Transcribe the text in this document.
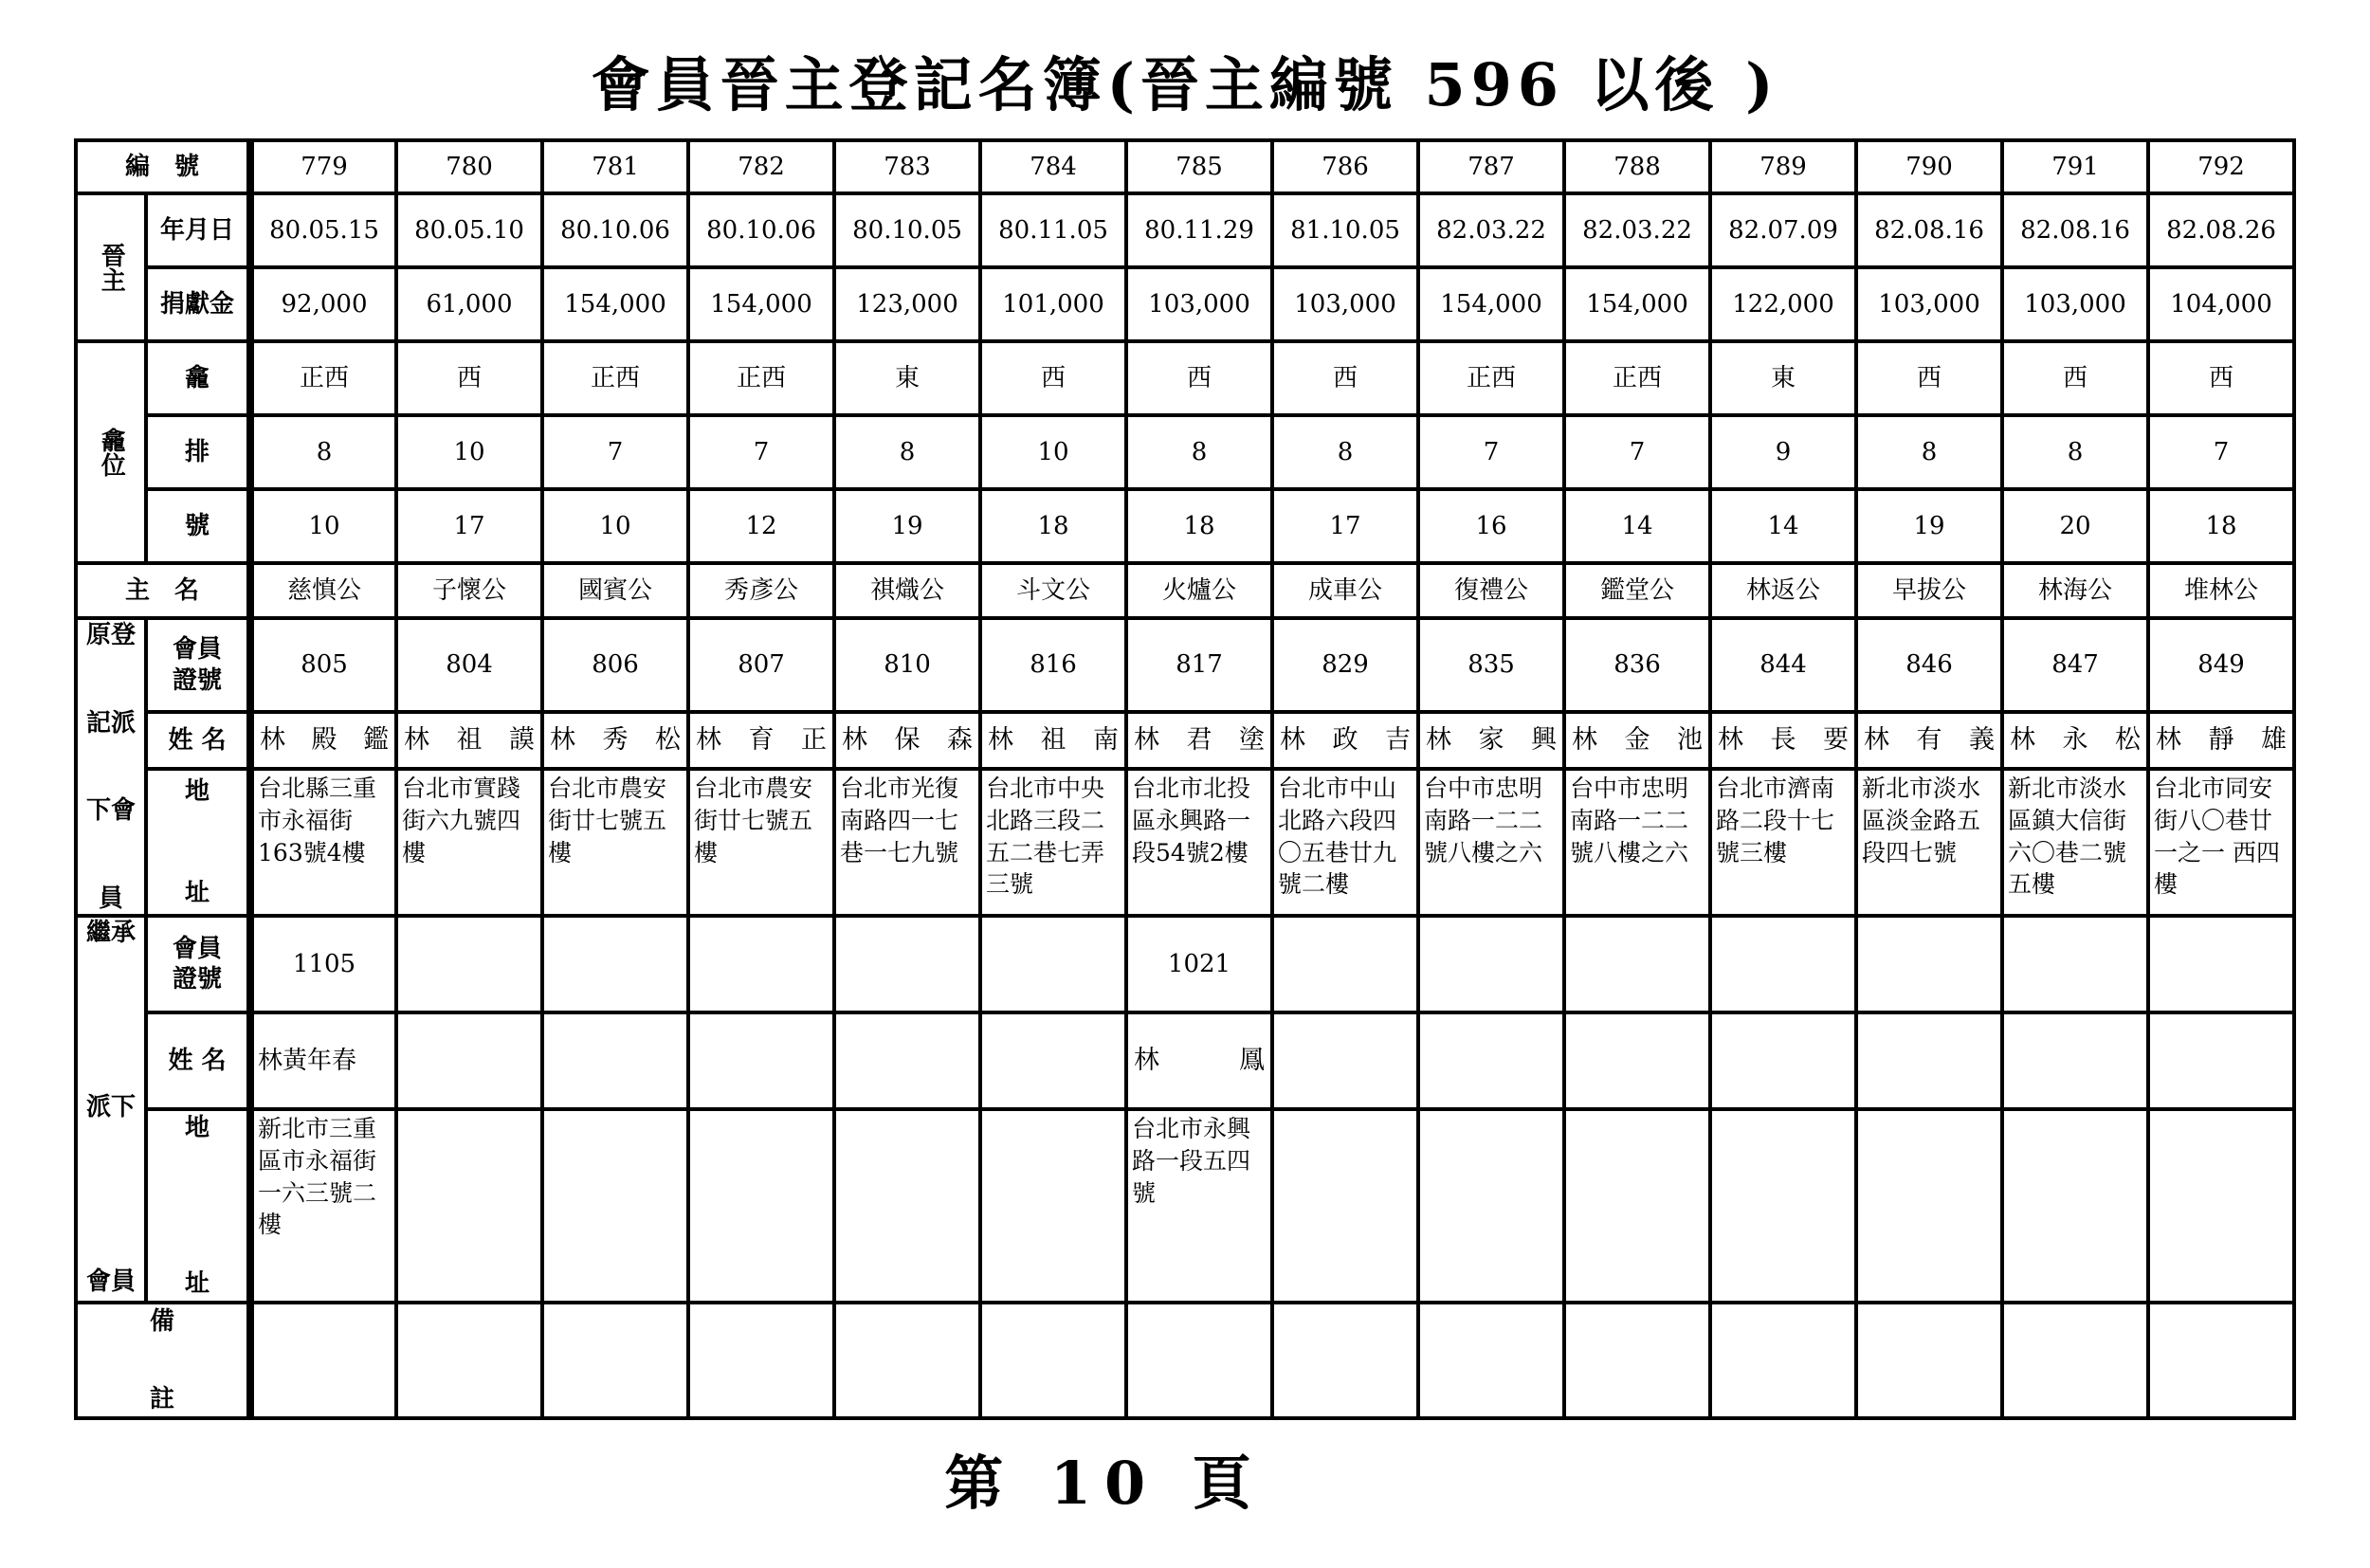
會員晉主登記名簿(晉主編號 596 以後 )
編　號		779	780	781	782	783	784	785	786	787	788	789	790	791	792
晉主	年月日	80.05.15	80.05.10	80.10.06	80.10.06	80.10.05	80.11.05	80.11.29	81.10.05	82.03.22	82.03.22	82.07.09	82.08.16	82.08.16	82.08.26
	捐獻金	92,000	61,000	154,000	154,000	123,000	101,000	103,000	103,000	154,000	154,000	122,000	103,000	103,000	104,000
龕位	龕	正西	西	正西	正西	東	西	西	西	正西	正西	東	西	西	西
	排	8	10	7	7	8	10	8	8	7	7	9	8	8	7
	號	10	17	10	12	19	18	18	17	16	14	14	19	20	18
主　名		慈慎公	子懷公	國賓公	秀彥公	祺熾公	斗文公	火爐公	成車公	復禮公	鑑堂公	林返公	早拔公	林海公	堆林公

原登
記派
下會
員	會員證號	805	804	806	807	810	816	817	829	835	836	844	846	847	849
	姓 名	林　殿　鑑	林　祖　謨	林　秀　松	林　育　正	林　保　森	林　祖　南	林　君　塗	林　政　吉	林　家　興	林　金　池	林　長　要	林　有　義	林　永　松	林　靜　雄

	地
址	台北縣三重市永福街163號4樓	台北市實踐街六九號四樓	台北市農安街廿七號五樓	台北市農安街廿七號五樓	台北市光復南路四一七巷一七九號	台北市中央北路三段二五二巷七弄三號	台北市北投區永興路一段54號2樓	台北市中山北路六段四〇五巷廿九號二樓	台中市忠明南路一二二號八樓之六	台中市忠明南路一二二號八樓之六	台北市濟南路二段十七號三樓	新北市淡水區淡金路五段四七號	新北市淡水區鎮大信街六〇巷二號五樓	台北市同安街八〇巷廿一之一 西四樓

繼承
派下
會員	會員 證號	1105						1021							
	姓 名	林黃年春						林　　　鳳							

	地
址	新北市三重區市永福街一六三號二樓						台北市永興路一段五四號							

備
註															

第 10 頁
